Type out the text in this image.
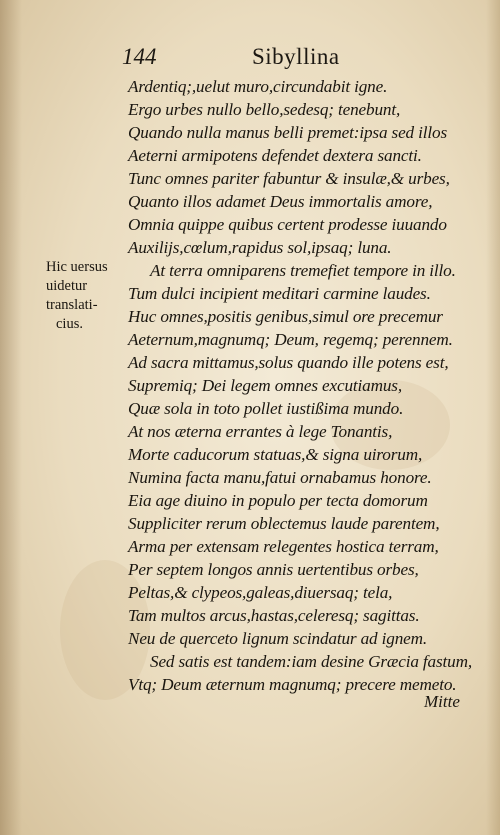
144	Sibyllina
Hic uersus
uidetur
translati-
cius.
Ardentiq;,uelut muro,circundabit igne.
Ergo urbes nullo bello,sedesq; tenebunt,
Quando nulla manus belli premet:ipsa sed illos
Aeterni armipotens defendet dextera sancti.
Tunc omnes pariter fabuntur & insulæ,& urbes,
Quanto illos adamet Deus immortalis amore,
Omnia quippe quibus certent prodesse iuuando
Auxilijs,cœlum,rapidus sol,ipsaq; luna.
At terra omniparens tremefiet tempore in illo.
Tum dulci incipient meditari carmine laudes.
Huc omnes,positis genibus,simul ore precemur
Aeternum,magnumq; Deum, regemq; perennem.
Ad sacra mittamus,solus quando ille potens est,
Supremiq; Dei legem omnes excutiamus,
Quæ sola in toto pollet iustißima mundo.
At nos æterna errantes à lege Tonantis,
Morte caducorum statuas,& signa uirorum,
Numina facta manu,fatui ornabamus honore.
Eia age diuino in populo per tecta domorum
Suppliciter rerum oblectemus laude parentem,
Arma per extensam relegentes hostica terram,
Per septem longos annis uertentibus orbes,
Peltas,& clypeos,galeas,diuersaq; tela,
Tam multos arcus,hastas,celeresq; sagittas.
Neu de querceto lignum scindatur ad ignem.
Sed satis est tandem:iam desine Græcia fastum,
Vtq; Deum æternum magnumq; precere memeto.
Mitte
